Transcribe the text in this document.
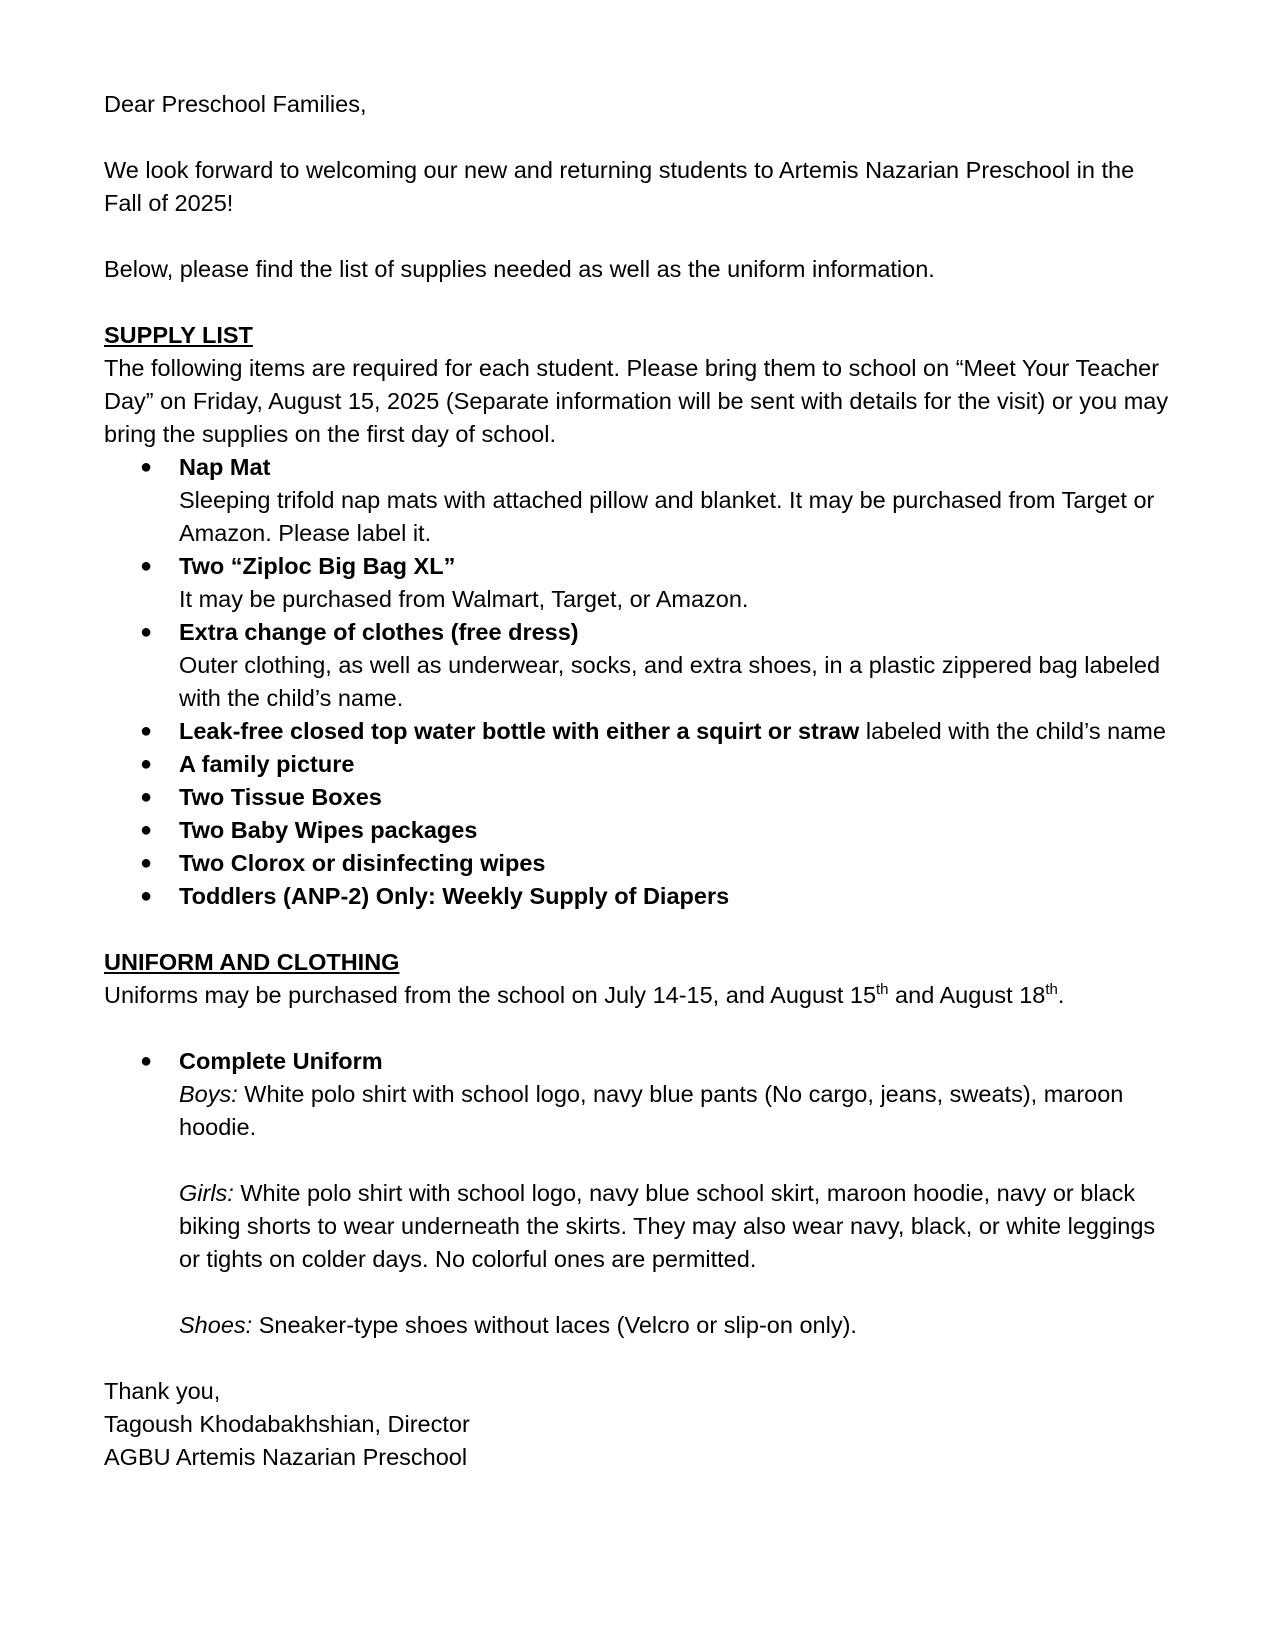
Dear Preschool Families,

We look forward to welcoming our new and returning students to Artemis Nazarian Preschool in the Fall of 2025!

Below, please find the list of supplies needed as well as the uniform information.

SUPPLY LIST

The following items are required for each student. Please bring them to school on “Meet Your Teacher Day” on Friday, August 15, 2025 (Separate information will be sent with details for the visit) or you may bring the supplies on the first day of school.

● Nap Mat
Sleeping trifold nap mats with attached pillow and blanket. It may be purchased from Target or Amazon. Please label it.
● Two “Ziploc Big Bag XL”
It may be purchased from Walmart, Target, or Amazon.
● Extra change of clothes (free dress)
Outer clothing, as well as underwear, socks, and extra shoes, in a plastic zippered bag labeled with the child’s name.
● Leak-free closed top water bottle with either a squirt or straw labeled with the child’s name
● A family picture
● Two Tissue Boxes
● Two Baby Wipes packages
● Two Clorox or disinfecting wipes
● Toddlers (ANP-2) Only: Weekly Supply of Diapers

UNIFORM AND CLOTHING

Uniforms may be purchased from the school on July 14-15, and August 15th and August 18th.

● Complete Uniform
Boys: White polo shirt with school logo, navy blue pants (No cargo, jeans, sweats), maroon hoodie.
Girls: White polo shirt with school logo, navy blue school skirt, maroon hoodie, navy or black biking shorts to wear underneath the skirts. They may also wear navy, black, or white leggings or tights on colder days. No colorful ones are permitted.
Shoes: Sneaker-type shoes without laces (Velcro or slip-on only).

Thank you,

Tagoush Khodabakhshian, Director

AGBU Artemis Nazarian Preschool
